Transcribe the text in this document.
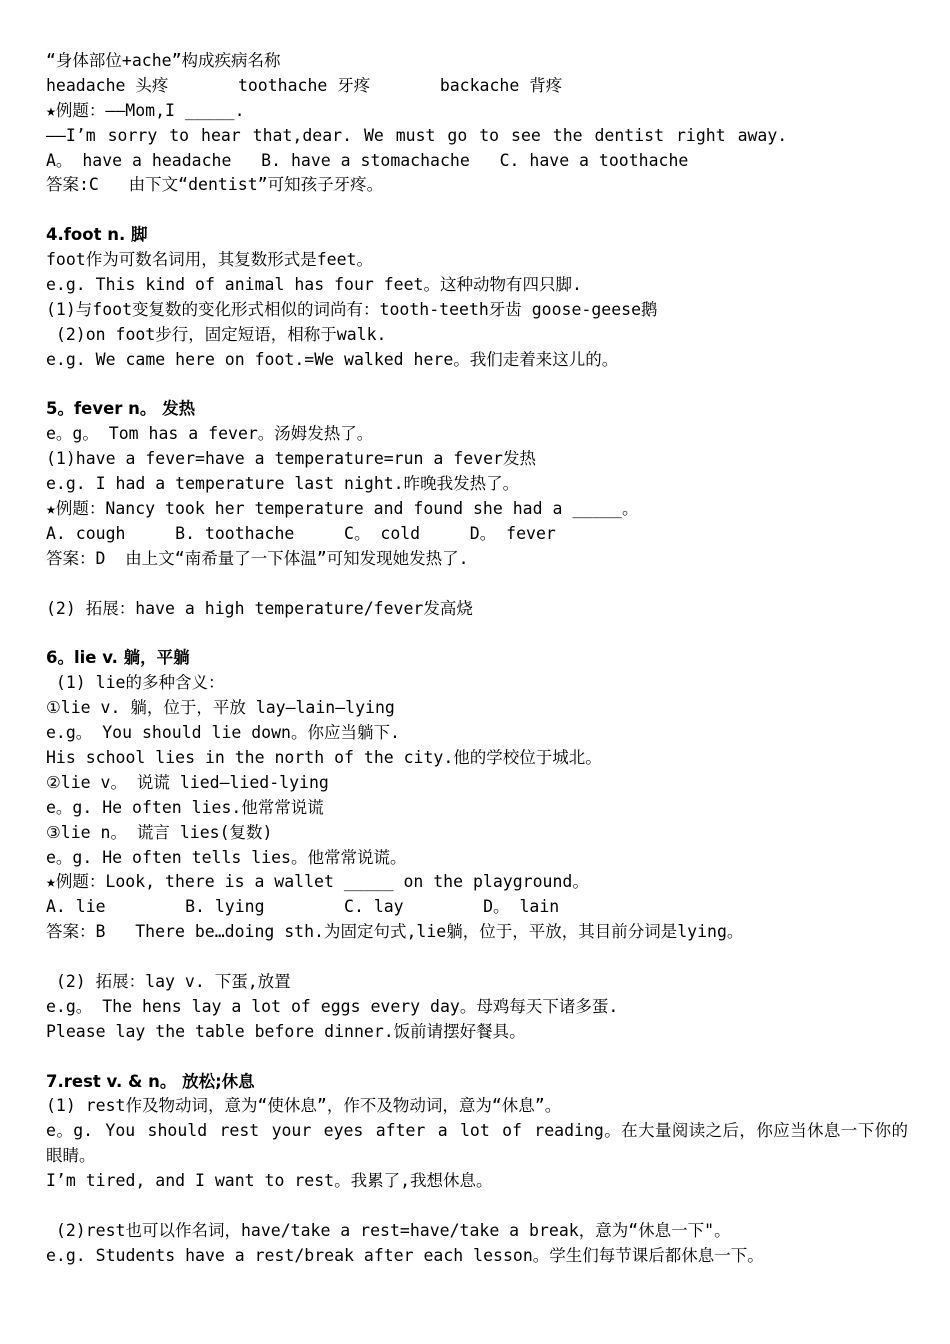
“身体部位+ache”构成疾病名称
headache 头疼       toothache 牙疼       backache 背疼
★例题：——Mom,I _____.
——I’m sorry to hear that,dear. We must go to see the dentist right away.
A。 have a headache   B. have a stomachache   C. have a toothache
答案:C   由下文“dentist”可知孩子牙疼。
4.foot n. 脚
foot作为可数名词用，其复数形式是feet。
e.g. This kind of animal has four feet。这种动物有四只脚.
(1)与foot变复数的变化形式相似的词尚有：tooth-teeth牙齿 goose-geese鹅
(2)on foot步行，固定短语，相称于walk.
e.g. We came here on foot.=We walked here。我们走着来这儿的。
5。fever n。 发热
e。g。 Tom has a fever。汤姆发热了。
(1)have a fever=have a temperature=run a fever发热
e.g. I had a temperature last night.昨晚我发热了。
★例题：Nancy took her temperature and found she had a _____。
A. cough     B. toothache     C。 cold     D。 fever
答案：D  由上文“南希量了一下体温”可知发现她发热了.
(2) 拓展：have a high temperature/fever发高烧
6。lie v. 躺，平躺
(1) lie的多种含义：
①lie v. 躺，位于，平放 lay—lain—lying
e.g。 You should lie down。你应当躺下.
His school lies in the north of the city.他的学校位于城北。
②lie v。 说谎 lied—lied-lying
e。g. He often lies.他常常说谎
③lie n。 谎言 lies(复数)
e。g. He often tells lies。他常常说谎。
★例题：Look, there is a wallet _____ on the playground。
A. lie        B. lying        C. lay        D。 lain
答案：B   There be…doing sth.为固定句式,lie躺，位于，平放，其目前分词是lying。
(2) 拓展：lay v. 下蛋,放置
e.g。 The hens lay a lot of eggs every day。母鸡每天下诸多蛋.
Please lay the table before dinner.饭前请摆好餐具。
7.rest v. & n。 放松;休息
(1) rest作及物动词，意为“使休息”，作不及物动词，意为“休息”。
e。g. You should rest your eyes after a lot of reading。在大量阅读之后，你应当休息一下你的眼睛。
I’m tired, and I want to rest。我累了,我想休息。
(2)rest也可以作名词，have/take a rest=have/take a break，意为“休息一下"。
e.g. Students have a rest/break after each lesson。学生们每节课后都休息一下。
